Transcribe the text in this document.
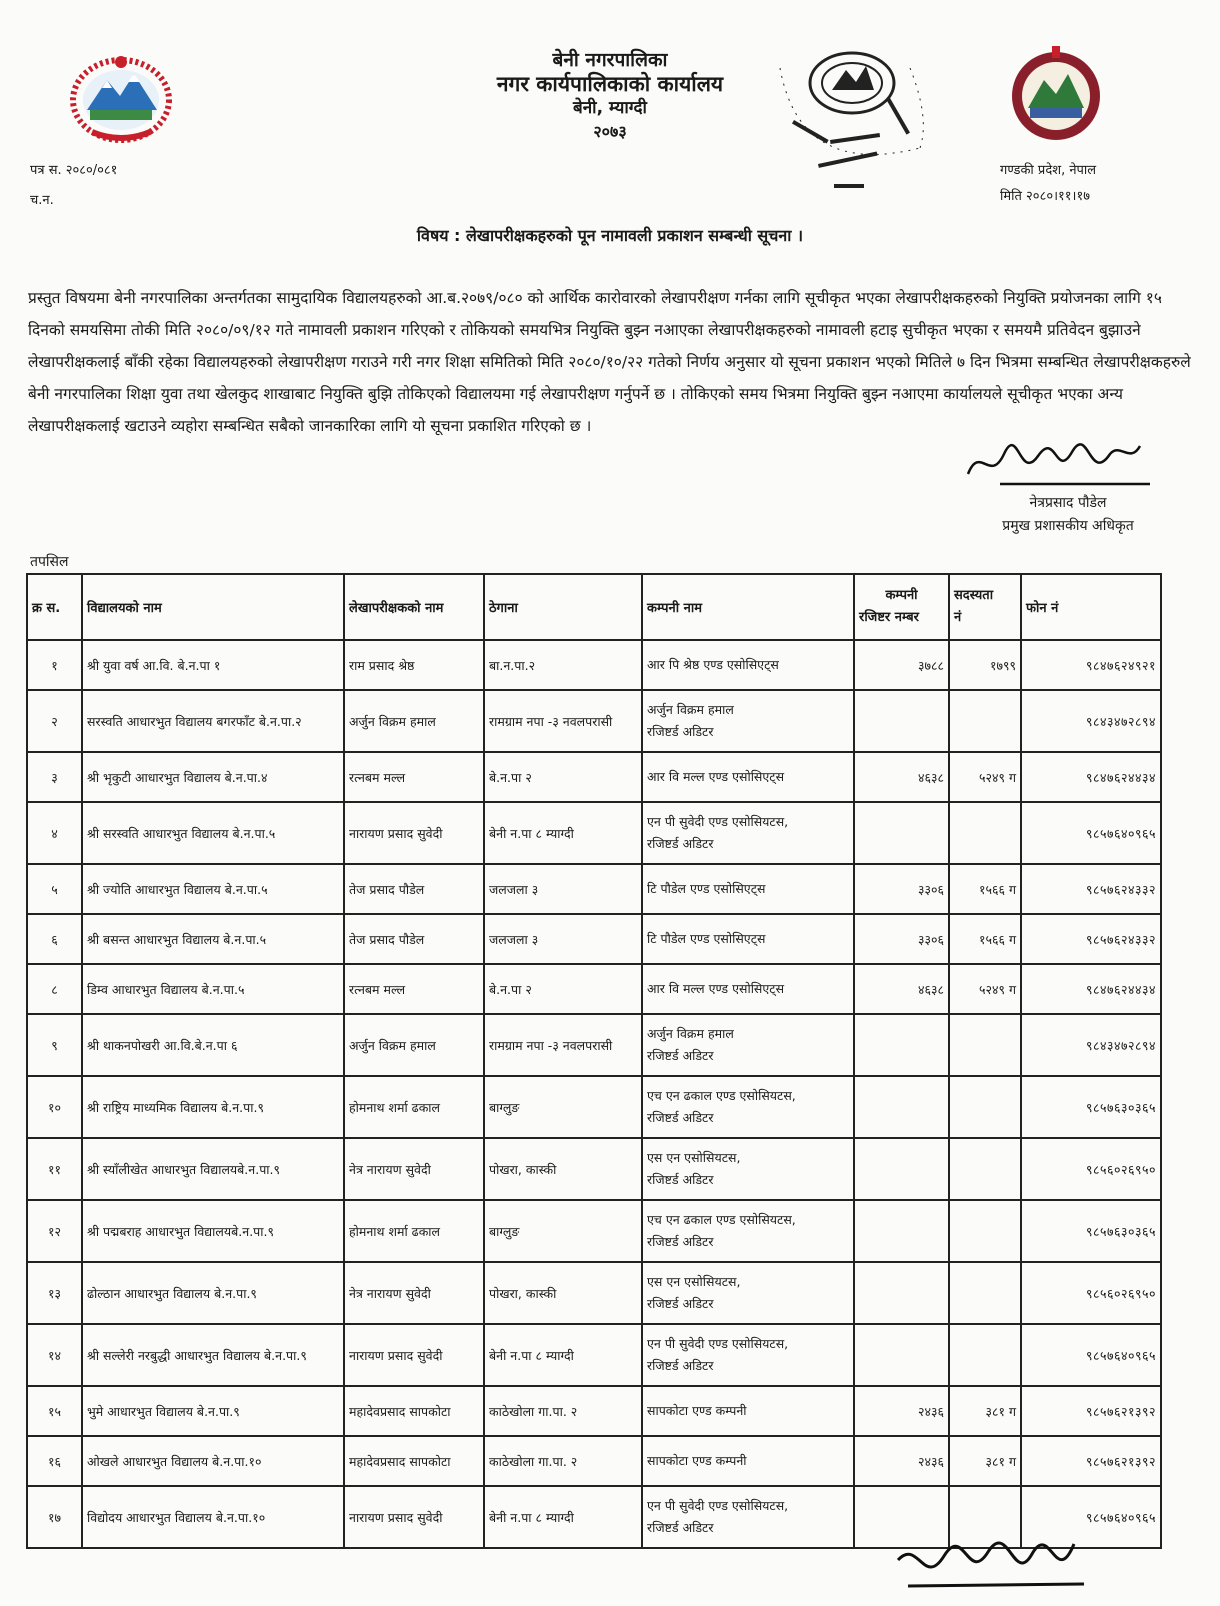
बेनी नगरपालिका
नगर कार्यपालिकाको कार्यालय
बेनी, म्याग्दी
२०७३
पत्र स. २०८०/०८१
च.न.
गण्डकी प्रदेश, नेपाल
मिति २०८०।११।१७
विषय : लेखापरीक्षकहरुको पून नामावली प्रकाशन सम्बन्धी सूचना ।
प्रस्तुत विषयमा बेनी नगरपालिका अन्तर्गतका सामुदायिक विद्यालयहरुको आ.ब.२०७९/०८० को आर्थिक कारोवारको लेखापरीक्षण गर्नका लागि सूचीकृत भएका लेखापरीक्षकहरुको नियुक्ति प्रयोजनका लागि १५ दिनको समयसिमा तोकी मिति २०८०/०९/१२ गते नामावली प्रकाशन गरिएको र तोकियको समयभित्र नियुक्ति बुझ्न नआएका लेखापरीक्षकहरुको नामावली हटाइ सुचीकृत भएका र समयमै प्रतिवेदन बुझाउने लेखापरीक्षकलाई बाँकी रहेका विद्यालयहरुको लेखापरीक्षण गराउने गरी नगर शिक्षा समितिको मिति २०८०/१०/२२ गतेको निर्णय अनुसार यो सूचना प्रकाशन भएको मितिले ७ दिन भित्रमा सम्बन्धित लेखापरीक्षकहरुले बेनी नगरपालिका शिक्षा युवा तथा खेलकुद शाखाबाट नियुक्ति बुझि तोकिएको विद्यालयमा गई लेखापरीक्षण गर्नुपर्ने छ । तोकिएको समय भित्रमा नियुक्ति बुझ्न नआएमा कार्यालयले सूचीकृत भएका अन्य लेखापरीक्षकलाई खटाउने व्यहोरा सम्बन्धित सबैको जानकारिका लागि यो सूचना प्रकाशित गरिएको छ ।
नेत्रप्रसाद पौडेल
प्रमुख प्रशासकीय अधिकृत
तपसिल
क्र स.	विद्यालयको नाम	लेखापरीक्षकको नाम	ठेगाना	कम्पनी नाम	कम्पनी
रजिष्टर नम्बर	सदस्यता
नं	फोन नं
१	श्री युवा वर्ष आ.वि. बे.न.पा १	राम प्रसाद श्रेष्ठ	बा.न.पा.२	आर पि श्रेष्ठ एण्ड एसोसिएट्स	३७८८	१७९९	९८४७६२४९२१
२	सरस्वति आधारभुत विद्यालय बगरफाँट बे.न.पा.२	अर्जुन विक्रम हमाल	रामग्राम नपा -३ नवलपरासी	अर्जुन विक्रम हमाल
रजिष्टर्ड अडिटर			९८४३४७२८९४
३	श्री भृकुटी आधारभुत विद्यालय बे.न.पा.४	रत्नबम मल्ल	बे.न.पा २	आर वि मल्ल एण्ड एसोसिएट्स	४६३८	५२४९ ग	९८४७६२४४३४
४	श्री सरस्वति आधारभुत विद्यालय बे.न.पा.५	नारायण प्रसाद सुवेदी	बेनी न.पा ८ म्याग्दी	एन पी सुवेदी एण्ड एसोसियटस,
रजिष्टर्ड अडिटर			९८५७६४०९६५
५	श्री ज्योति आधारभुत विद्यालय बे.न.पा.५	तेज प्रसाद पौडेल	जलजला ३	टि पौडेल एण्ड एसोसिएट्स	३३०६	१५६६ ग	९८५७६२४३३२
६	श्री बसन्त आधारभुत विद्यालय बे.न.पा.५	तेज प्रसाद पौडेल	जलजला ३	टि पौडेल एण्ड एसोसिएट्स	३३०६	१५६६ ग	९८५७६२४३३२
८	डिम्व आधारभुत विद्यालय बे.न.पा.५	रत्नबम मल्ल	बे.न.पा २	आर वि मल्ल एण्ड एसोसिएट्स	४६३८	५२४९ ग	९८४७६२४४३४
९	श्री थाकनपोखरी आ.वि.बे.न.पा ६	अर्जुन विक्रम हमाल	रामग्राम नपा -३ नवलपरासी	अर्जुन विक्रम हमाल
रजिष्टर्ड अडिटर			९८४३४७२८९४
१०	श्री राष्ट्रिय माध्यमिक विद्यालय बे.न.पा.९	होमनाथ शर्मा ढकाल	बाग्लुङ	एच एन ढकाल एण्ड एसोसियटस,
रजिष्टर्ड अडिटर			९८५७६३०३६५
११	श्री स्याँलीखेत आधारभुत विद्यालयबे.न.पा.९	नेत्र नारायण सुवेदी	पोखरा, कास्की	एस एन एसोसियटस,
रजिष्टर्ड अडिटर			९८५६०२६९५०
१२	श्री पद्मबराह आधारभुत विद्यालयबे.न.पा.९	होमनाथ शर्मा ढकाल	बाग्लुङ	एच एन ढकाल एण्ड एसोसियटस,
रजिष्टर्ड अडिटर			९८५७६३०३६५
१३	ढोल्ठान आधारभुत विद्यालय बे.न.पा.९	नेत्र नारायण सुवेदी	पोखरा, कास्की	एस एन एसोसियटस,
रजिष्टर्ड अडिटर			९८५६०२६९५०
१४	श्री सल्लेरी नरबुद्धी आधारभुत विद्यालय बे.न.पा.९	नारायण प्रसाद सुवेदी	बेनी न.पा ८ म्याग्दी	एन पी सुवेदी एण्ड एसोसियटस,
रजिष्टर्ड अडिटर			९८५७६४०९६५
१५	भुमे आधारभुत विद्यालय बे.न.पा.९	महादेवप्रसाद सापकोटा	काठेखोला गा.पा. २	सापकोटा एण्ड कम्पनी	२४३६	३८१ ग	९८५७६२१३९२
१६	ओखले आधारभुत विद्यालय बे.न.पा.१०	महादेवप्रसाद सापकोटा	काठेखोला गा.पा. २	सापकोटा एण्ड कम्पनी	२४३६	३८१ ग	९८५७६२१३९२
१७	विद्योदय आधारभुत विद्यालय बे.न.पा.१०	नारायण प्रसाद सुवेदी	बेनी न.पा ८ म्याग्दी	एन पी सुवेदी एण्ड एसोसियटस,
रजिष्टर्ड अडिटर			९८५७६४०९६५
